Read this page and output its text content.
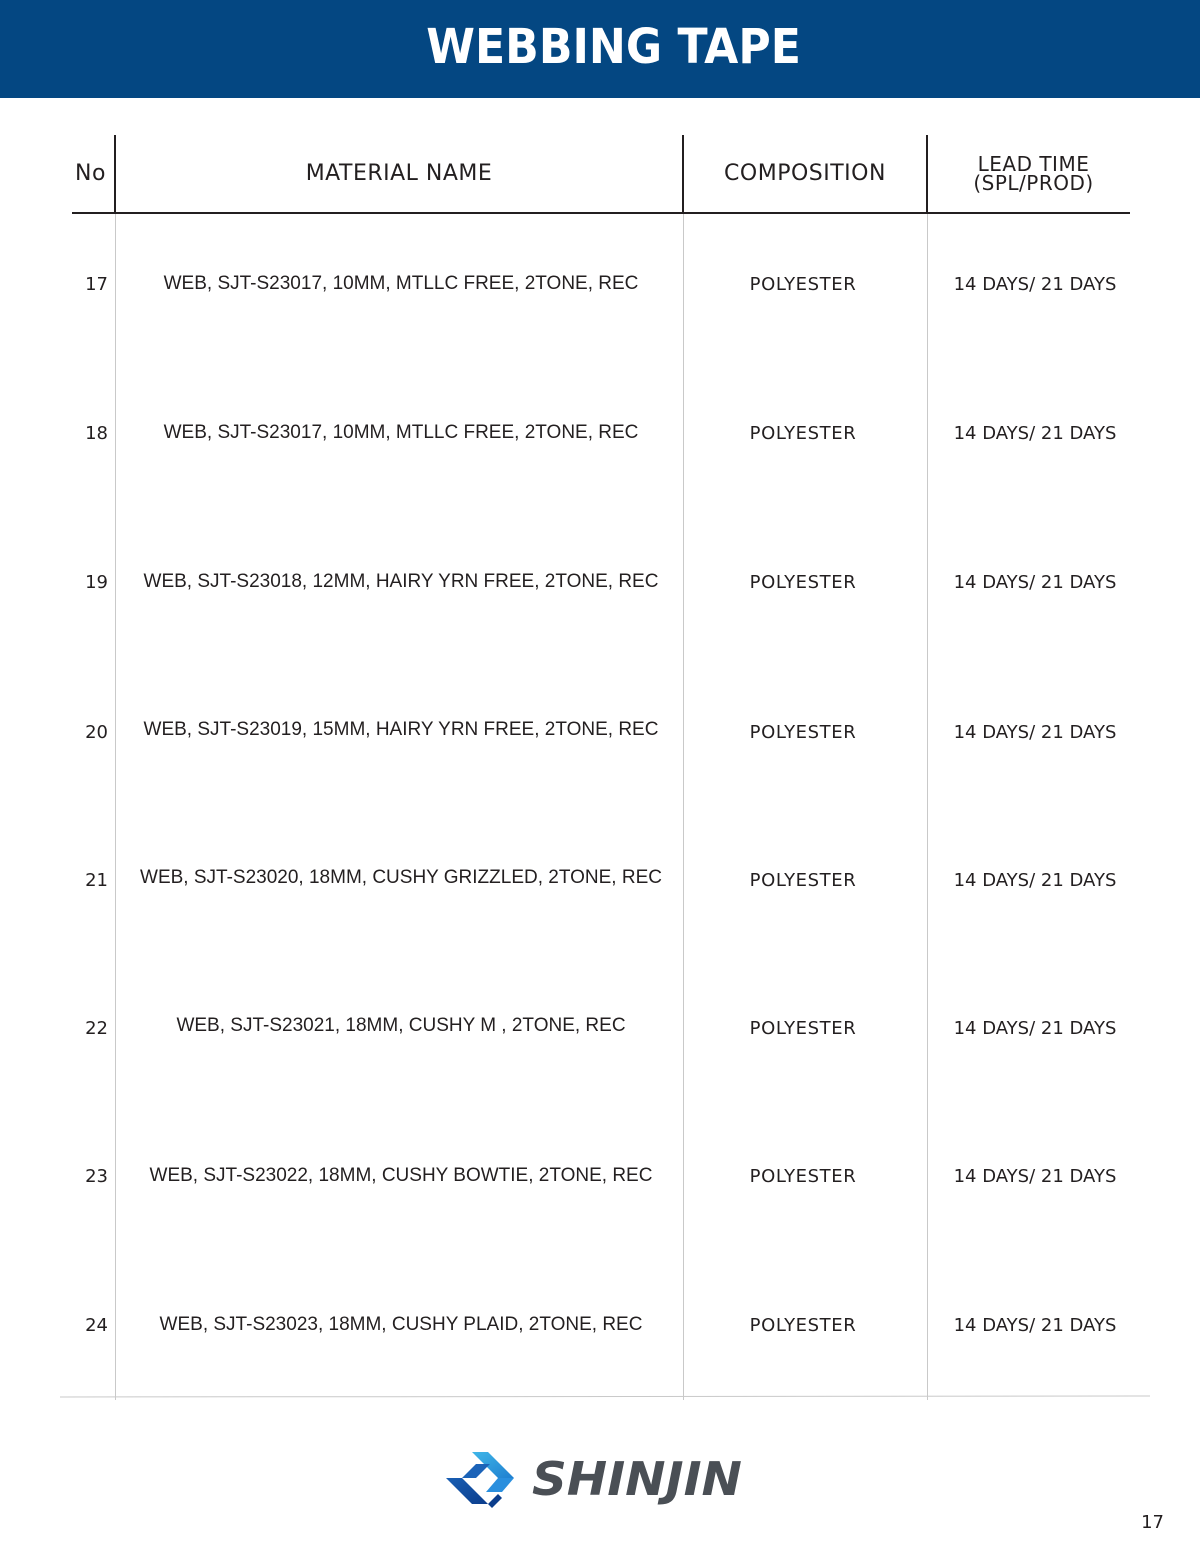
WEBBING TAPE
No	MATERIAL NAME	COMPOSITION	LEAD TIME
(SPL/PROD)
17	WEB, SJT-S23017, 10MM, MTLLC FREE, 2TONE, REC	POLYESTER	14 DAYS/ 21 DAYS
18	WEB, SJT-S23017, 10MM, MTLLC FREE, 2TONE, REC	POLYESTER	14 DAYS/ 21 DAYS
19	WEB, SJT-S23018, 12MM, HAIRY YRN FREE, 2TONE, REC	POLYESTER	14 DAYS/ 21 DAYS
20	WEB, SJT-S23019, 15MM, HAIRY YRN FREE, 2TONE, REC	POLYESTER	14 DAYS/ 21 DAYS
21	WEB, SJT-S23020, 18MM, CUSHY GRIZZLED, 2TONE, REC	POLYESTER	14 DAYS/ 21 DAYS
22	WEB, SJT-S23021, 18MM, CUSHY M , 2TONE, REC	POLYESTER	14 DAYS/ 21 DAYS
23	WEB, SJT-S23022, 18MM, CUSHY BOWTIE, 2TONE, REC	POLYESTER	14 DAYS/ 21 DAYS
24	WEB, SJT-S23023, 18MM, CUSHY PLAID, 2TONE, REC	POLYESTER	14 DAYS/ 21 DAYS
SHINJIN
17
